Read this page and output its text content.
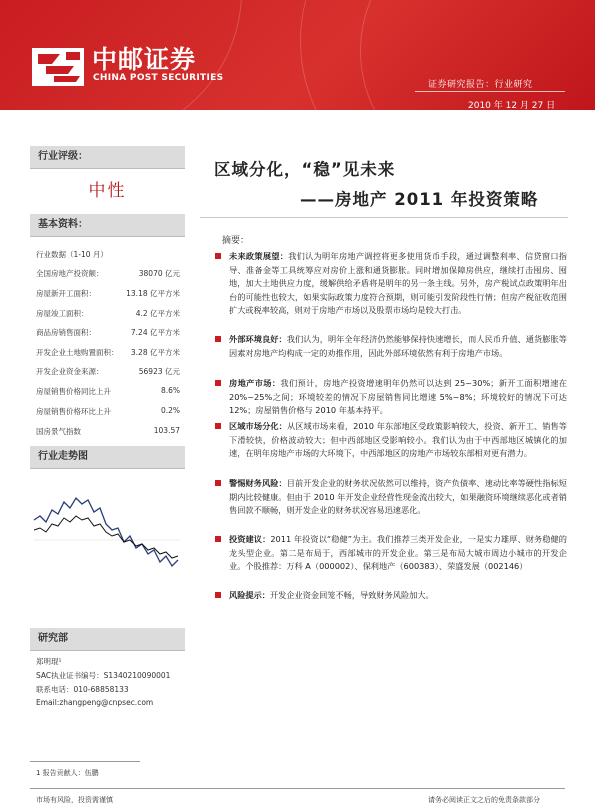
中邮证券
CHINA POST SECURITIES
证券研究报告：行业研究
2010 年 12 月 27 日
行业评级：
中性
基本资料：
行业数据（1-10 月）
全国房地产投资额：	38070 亿元
房屋新开工面积：	13.18 亿平方米
房屋竣工面积：	4.2 亿平方米
商品房销售面积：	7.24 亿平方米
开发企业土地购置面积： 3.28 亿平方米
开发企业资金来源：	56923 亿元
房屋销售价格同比上升	8.6%
房屋销售价格环比上升	0.2%
国房景气指数	103.57
行业走势图
研究部
郑明琨¹
SAC执业证书编号：S1340210090001
联系电话：010-68858133
Email:zhangpeng@cnpsec.com
1 报告贡献人：伍鹏
区域分化，“稳”见未来
——房地产 2011 年投资策略
摘要：
未来政策展望：我们认为明年房地产调控将更多使用货币手段，通过调整利率、信贷窗口指导、准备金等工具统筹应对房价上涨和通货膨胀。同时增加保障房供应，继续打击囤房、囤地，加大土地供应力度，缓解供给矛盾将是明年的另一条主线。另外，房产税试点政策明年出台的可能性也较大，如果实际政策力度符合预期，则可能引发阶段性行情；但房产税征收范围扩大或税率较高，则对于房地产市场以及股票市场均是较大打击。
外部环境良好：我们认为，明年全年经济仍然能够保持快速增长，而人民币升值、通货膨胀等因素对房地产均构成一定的劝推作用，因此外部环境依然有利于房地产市场。
房地产市场：我们预计，房地产投资增速明年仍然可以达到 25~30%；新开工面积增速在 20%~25%之间；环境较差的情况下房屋销售同比增速 5%~8%；环境较好的情况下可达 12%；房屋销售价格与 2010 年基本持平。
区域市场分化：从区域市场来看，2010 年东部地区受政策影响较大，投资、新开工、销售等下滑较快，价格波动较大；但中西部地区受影响较小。我们认为由于中西部地区城镇化的加速，在明年房地产市场的大环境下，中西部地区的房地产市场较东部相对更有潜力。
警惕财务风险：目前开发企业的财务状况依然可以维持，资产负债率、速动比率等硬性指标短期内比较健康。但由于 2010 年开发企业经营性现金流出较大，如果融资环境继续恶化或者销售回款不顺畅，则开发企业的财务状况容易迅速恶化。
投资建议：2011 年投资以“稳健”为主。我们推荐三类开发企业，一是实力雄厚、财务稳健的龙头型企业。第二是布局于，西部城市的开发企业。第三是布局大城市周边小城市的开发企业。个股推荐：万科 A（000002）、保利地产（600383）、荣盛发展（002146）
风险提示：开发企业资金回笼不畅，导致财务风险加大。
市场有风险，投资需谨慎	请务必阅读正文之后的免责条款部分
